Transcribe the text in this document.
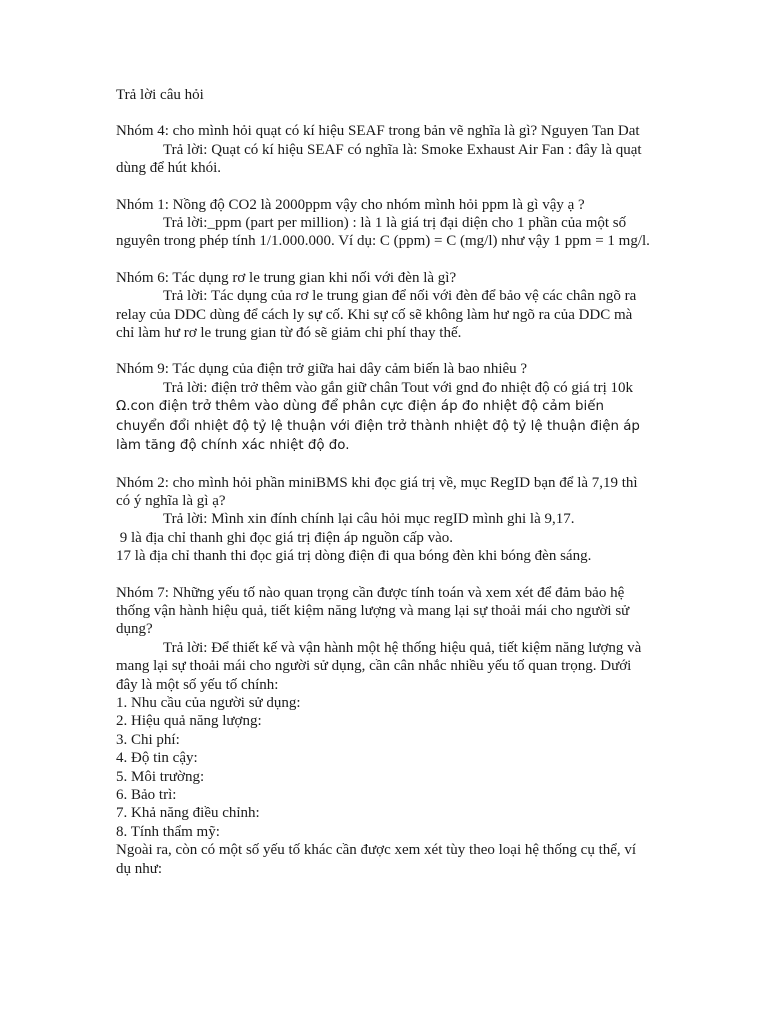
Trả lời câu hỏi

Nhóm 4: cho mình hỏi quạt có kí hiệu SEAF trong bản vẽ nghĩa là gì? Nguyen Tan Dat

Trả lời: Quạt có kí hiệu SEAF có nghĩa là: Smoke Exhaust Air Fan : đây là quạt dùng để hút khói.

Nhóm 1: Nồng độ CO2 là 2000ppm vậy cho nhóm mình hỏi ppm là gì vậy ạ ?

Trả lời:_ppm (part per million) : là 1 là giá trị đại diện cho 1 phần của một số nguyên trong phép tính 1/1.000.000. Ví dụ: C (ppm) = C (mg/l) như vậy 1 ppm = 1 mg/l.

Nhóm 6: Tác dụng rơ le trung gian khi nối với đèn là gì?

Trả lời: Tác dụng của rơ le trung gian để nối với đèn để bảo vệ các chân ngõ ra relay của DDC dùng để cách ly sự cố. Khi sự cố sẽ không làm hư ngõ ra của DDC mà chỉ làm hư rơ le trung gian từ đó sẽ giảm chi phí thay thế.

Nhóm 9: Tác dụng của điện trở giữa hai dây cảm biến là bao nhiêu ?

Trả lời: điện trở thêm vào gắn giữ chân Tout với gnd đo nhiệt độ có giá trị 10k Ω.con điện trở thêm vào dùng để phân cực điện áp đo nhiệt độ cảm biến chuyển đổi nhiệt độ tỷ lệ thuận với điện trở thành nhiệt độ tỷ lệ thuận điện áp làm tăng độ chính xác nhiệt độ đo.

Nhóm 2: cho mình hỏi phần miniBMS khi đọc giá trị về, mục RegID bạn để là 7,19 thì có ý nghĩa là gì ạ?

Trả lời: Mình xin đính chính lại câu hỏi mục regID mình ghi là 9,17.

9 là địa chỉ thanh ghi đọc giá trị điện áp nguồn cấp vào.

17 là địa chỉ thanh thi đọc giá trị dòng điện đi qua bóng đèn khi bóng đèn sáng.

Nhóm 7: Những yếu tố nào quan trọng cần được tính toán và xem xét để đảm bảo hệ thống vận hành hiệu quả, tiết kiệm năng lượng và mang lại sự thoải mái cho người sử dụng?

Trả lời: Để thiết kế và vận hành một hệ thống hiệu quả, tiết kiệm năng lượng và mang lại sự thoải mái cho người sử dụng, cần cân nhắc nhiều yếu tố quan trọng. Dưới đây là một số yếu tố chính:

1. Nhu cầu của người sử dụng:

2. Hiệu quả năng lượng:

3. Chi phí:

4. Độ tin cậy:

5. Môi trường:

6. Bảo trì:

7. Khả năng điều chỉnh:

8. Tính thẩm mỹ:

Ngoài ra, còn có một số yếu tố khác cần được xem xét tùy theo loại hệ thống cụ thể, ví dụ như:
